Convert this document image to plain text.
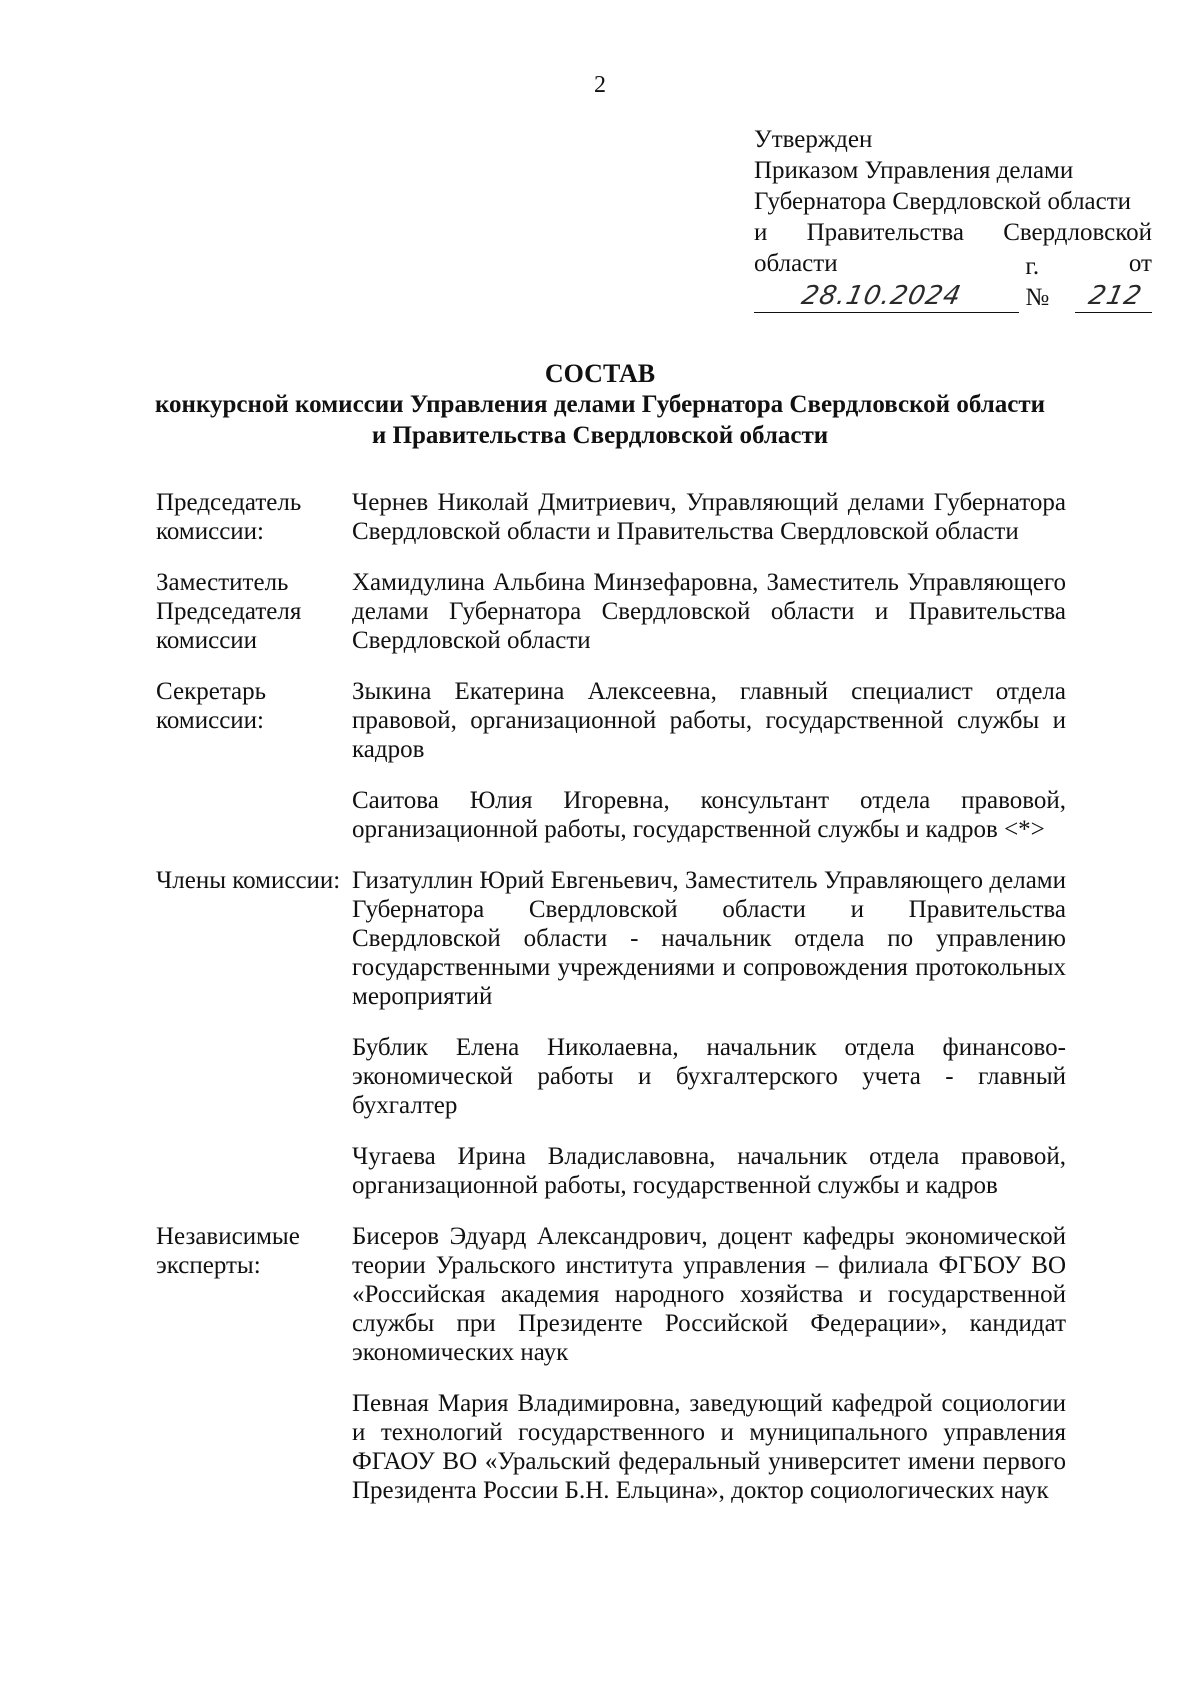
2
Утвержден
Приказом Управления делами
Губернатора Свердловской области
и Правительства Свердловской
области	от
28.10.2024
г. №	212
СОСТАВ
конкурсной комиссии Управления делами Губернатора Свердловской области
и Правительства Свердловской области
Председатель комиссии:
Чернев Николай Дмитриевич, Управляющий делами Губернатора Свердловской области и Правительства Свердловской области
Заместитель Председателя комиссии
Хамидулина Альбина Минзефаровна, Заместитель Управляющего делами Губернатора Свердловской области и Правительства Свердловской области
Секретарь комиссии:
Зыкина Екатерина Алексеевна, главный специалист отдела правовой, организационной работы, государственной службы и кадров
Саитова Юлия Игоревна, консультант отдела правовой, организационной работы, государственной службы и кадров <*>
Члены комиссии: Гизатуллин Юрий Евгеньевич, Заместитель Управляющего делами Губернатора Свердловской области и Правительства Свердловской области - начальник отдела по управлению государственными учреждениями и сопровождения протокольных мероприятий
Бублик Елена Николаевна, начальник отдела финансово-экономической работы и бухгалтерского учета - главный бухгалтер
Чугаева Ирина Владиславовна, начальник отдела правовой, организационной работы, государственной службы и кадров
Независимые эксперты:
Бисеров Эдуард Александрович, доцент кафедры экономической теории Уральского института управления – филиала ФГБОУ ВО «Российская академия народного хозяйства и государственной службы при Президенте Российской Федерации», кандидат экономических наук
Певная Мария Владимировна, заведующий кафедрой социологии и технологий государственного и муниципального управления ФГАОУ ВО «Уральский федеральный университет имени первого Президента России Б.Н. Ельцина», доктор социологических наук
